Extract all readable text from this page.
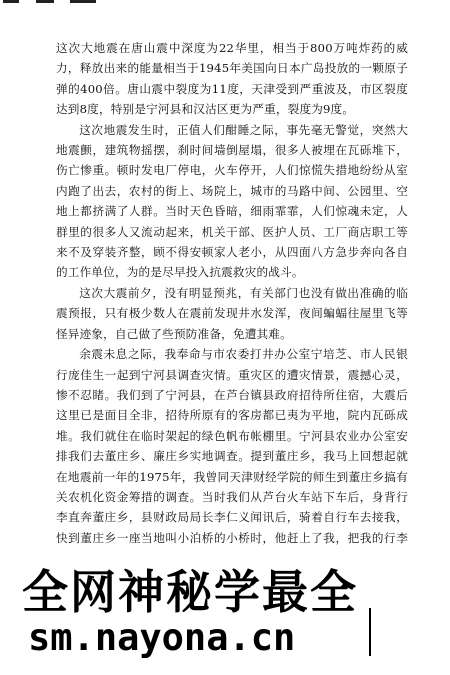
这次大地震在唐山震中深度为22华里，相当于800万吨炸药的威力，释放出来的能量相当于1945年美国向日本广岛投放的一颗原子弹的400倍。唐山震中裂度为11度，天津受到严重波及，市区裂度达到8度，特别是宁河县和汉沽区更为严重，裂度为9度。

这次地震发生时，正值人们酣睡之际，事先毫无警觉，突然大地震颤，建筑物摇摆，刹时间墙倒屋塌，很多人被埋在瓦砾堆下，伤亡惨重。顿时发电厂停电，火车停开，人们惊慌失措地纷纷从室内跑了出去，农村的街上、场院上，城市的马路中间、公园里、空地上都挤满了人群。当时天色昏暗，细雨霏霏，人们惊魂未定，人群里的很多人又流动起来，机关干部、医护人员、工厂商店职工等来不及穿装齐整，顾不得安顿家人老小，从四面八方急步奔向各自的工作单位，为的是尽早投入抗震救灾的战斗。

这次大震前夕，没有明显预兆，有关部门也没有做出准确的临震预报，只有极少数人在震前发现井水发浑，夜间蝙蝠往屋里飞等怪异迹象，自己做了些预防准备，免遭其难。

余震未息之际，我奉命与市农委打井办公室宁培芝、市人民银行庞佳生一起到宁河县调查灾情。重灾区的遭灾情景，震撼心灵，惨不忍睹。我们到了宁河县，在芦台镇县政府招待所住宿，大震后这里已是面目全非，招待所原有的客房都已夷为平地，院内瓦砾成堆。我们就住在临时架起的绿色帆布帐棚里。宁河县农业办公室安排我们去董庄乡、廉庄乡实地调查。提到董庄乡，我马上回想起就在地震前一年的1975年，我曾同天津财经学院的师生到董庄乡搞有关农机化资金筹措的调查。当时我们从芦台火车站下车后，身背行李直奔董庄乡，县财政局局长李仁义闻讯后，骑着自行车去接我，快到董庄乡一座当地叫小泊桥的小桥时，他赶上了我，把我的行李

全网神秘学最全
sm.nayona.cn
